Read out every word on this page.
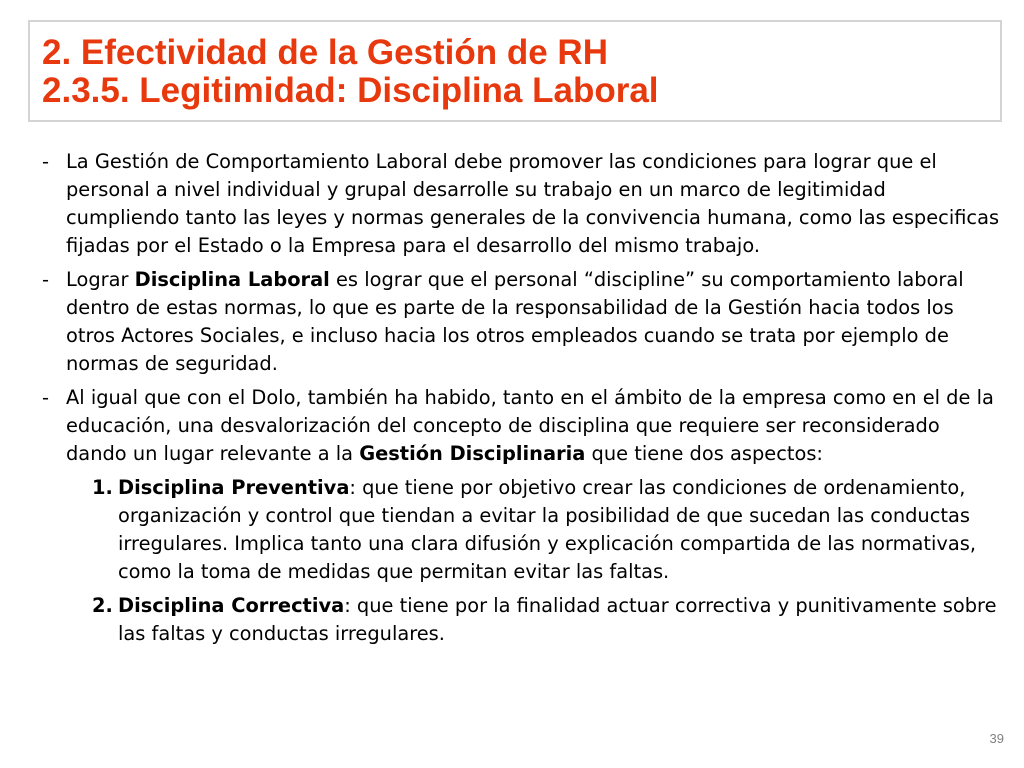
2. Efectividad de la Gestión de RH
2.3.5. Legitimidad: Disciplina Laboral
- La Gestión de Comportamiento Laboral debe promover las condiciones para lograr que el personal a nivel individual y grupal desarrolle su trabajo en un marco de legitimidad cumpliendo tanto las leyes y normas generales de la convivencia humana, como las especificas fijadas por el Estado o la Empresa para el desarrollo del mismo trabajo.
- Lograr Disciplina Laboral es lograr que el personal “discipline” su comportamiento laboral dentro de estas normas, lo que es parte de la responsabilidad de la Gestión hacia todos los otros Actores Sociales, e incluso hacia los otros empleados cuando se trata por ejemplo de normas de seguridad.
- Al igual que con el Dolo, también ha habido, tanto en el ámbito de la empresa como en el de la educación, una desvalorización del concepto de disciplina que requiere ser reconsiderado dando un lugar relevante a la Gestión Disciplinaria que tiene dos aspectos:
1. Disciplina Preventiva: que tiene por objetivo crear las condiciones de ordenamiento, organización y control que tiendan a evitar la posibilidad de que sucedan las conductas irregulares. Implica tanto una clara difusión y explicación compartida de las normativas, como la toma de medidas que permitan evitar las faltas.
2. Disciplina Correctiva: que tiene por la finalidad actuar correctiva y punitivamente sobre las faltas y conductas irregulares.
39
